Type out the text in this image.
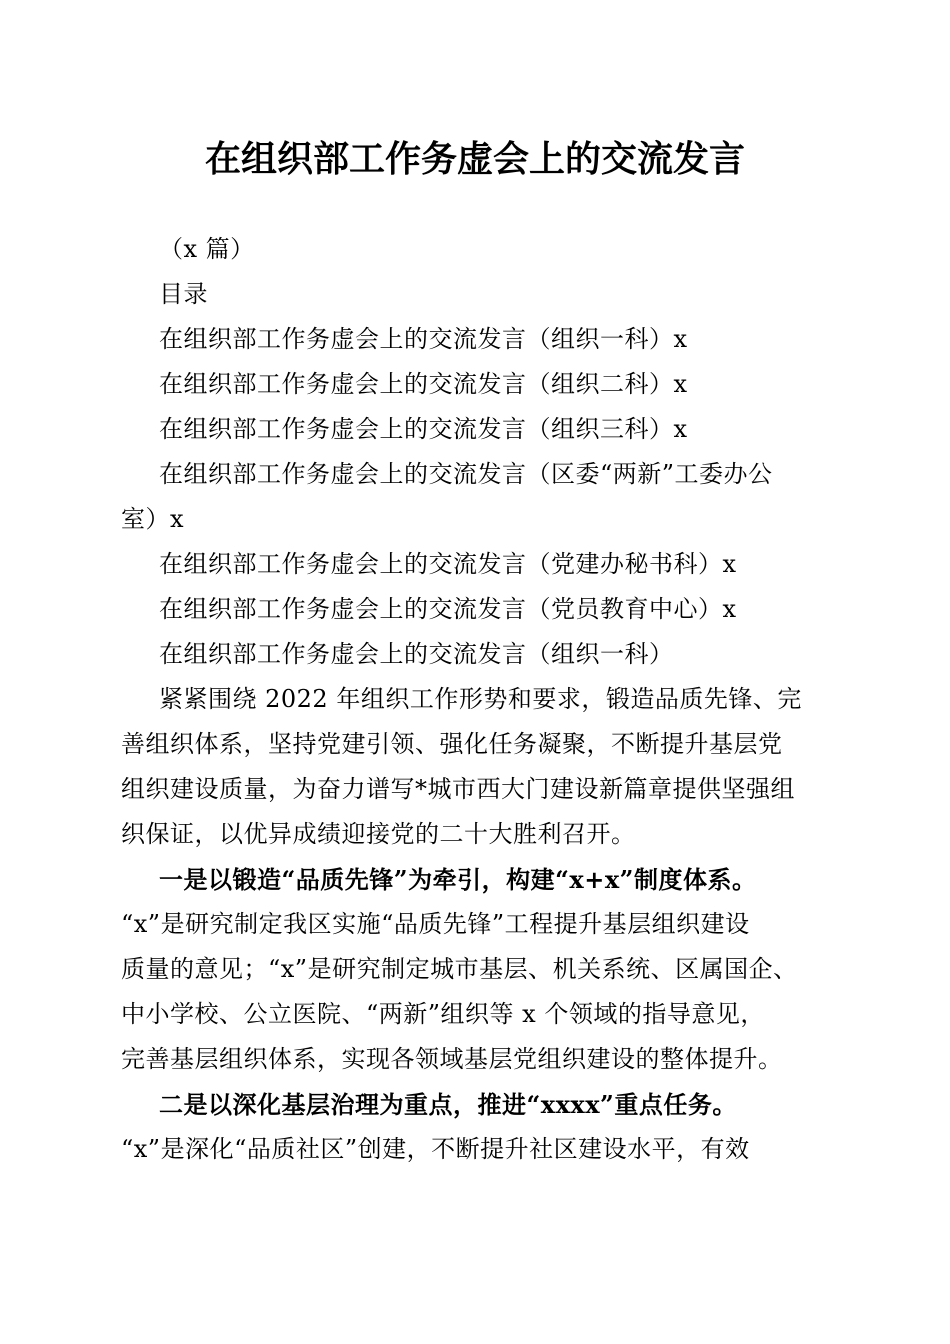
在组织部工作务虚会上的交流发言
（x 篇）
目录
在组织部工作务虚会上的交流发言（组织一科）x
在组织部工作务虚会上的交流发言（组织二科）x
在组织部工作务虚会上的交流发言（组织三科）x
在组织部工作务虚会上的交流发言（区委“两新”工委办公
室）x
在组织部工作务虚会上的交流发言（党建办秘书科）x
在组织部工作务虚会上的交流发言（党员教育中心）x
在组织部工作务虚会上的交流发言（组织一科）
紧紧围绕 2022 年组织工作形势和要求，锻造品质先锋、完
善组织体系，坚持党建引领、强化任务凝聚，不断提升基层党
组织建设质量，为奋力谱写*城市西大门建设新篇章提供坚强组
织保证，以优异成绩迎接党的二十大胜利召开。
一是以锻造“品质先锋”为牵引，构建“x+x”制度体系。
“x”是研究制定我区实施“品质先锋”工程提升基层组织建设
质量的意见；“x”是研究制定城市基层、机关系统、区属国企、
中小学校、公立医院、“两新”组织等 x 个领域的指导意见，
完善基层组织体系，实现各领域基层党组织建设的整体提升。
二是以深化基层治理为重点，推进“xxxx”重点任务。
“x”是深化“品质社区”创建，不断提升社区建设水平，有效
